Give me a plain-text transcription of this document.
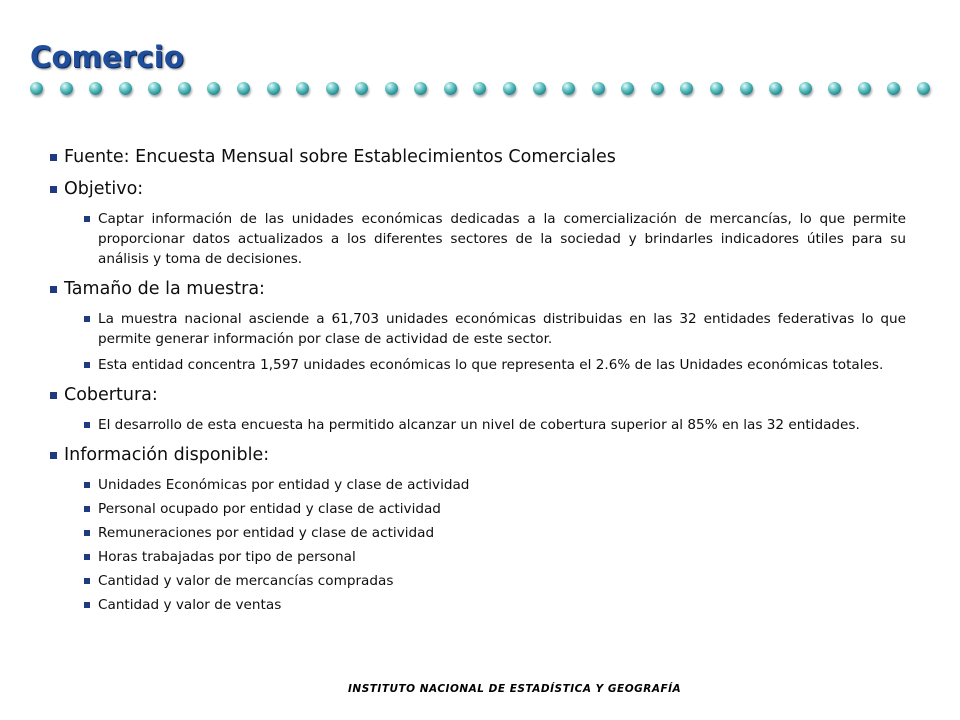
Comercio
Fuente: Encuesta Mensual sobre Establecimientos Comerciales
Objetivo:
Captar información de las unidades económicas dedicadas a la comercialización de mercancías, lo que permite proporcionar datos actualizados a los diferentes sectores de la sociedad y brindarles indicadores útiles para su análisis y toma de decisiones.
Tamaño de la muestra:
La muestra nacional asciende a 61,703 unidades económicas distribuidas en las 32 entidades federativas lo que permite generar información por clase de actividad de este sector.
Esta entidad concentra 1,597 unidades económicas lo que representa el 2.6% de las Unidades económicas totales.
Cobertura:
El desarrollo de esta encuesta ha permitido alcanzar un nivel de cobertura superior al 85% en las 32 entidades.
Información disponible:
Unidades Económicas por entidad y clase de actividad
Personal ocupado por entidad y clase de actividad
Remuneraciones por entidad y clase de actividad
Horas trabajadas por tipo de personal
Cantidad y valor de mercancías compradas
Cantidad y valor de ventas

INSTITUTO NACIONAL DE ESTADÍSTICA Y GEOGRAFÍA
